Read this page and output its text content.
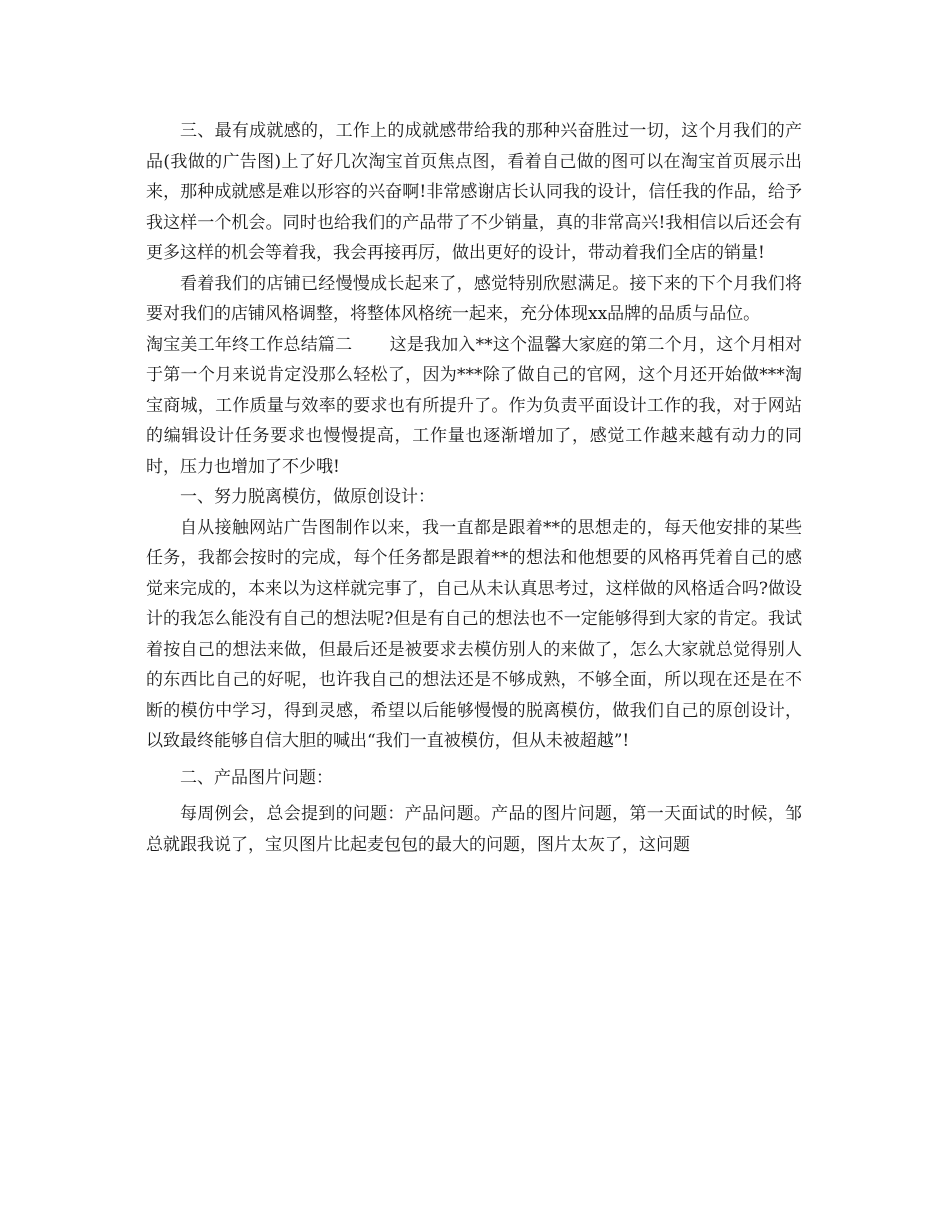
三、最有成就感的，工作上的成就感带给我的那种兴奋胜过一切，这个月我们的产品(我做的广告图)上了好几次淘宝首页焦点图，看着自己做的图可以在淘宝首页展示出来，那种成就感是难以形容的兴奋啊!非常感谢店长认同我的设计，信任我的作品，给予我这样一个机会。同时也给我们的产品带了不少销量，真的非常高兴!我相信以后还会有更多这样的机会等着我，我会再接再厉，做出更好的设计，带动着我们全店的销量!

看着我们的店铺已经慢慢成长起来了，感觉特别欣慰满足。接下来的下个月我们将要对我们的店铺风格调整，将整体风格统一起来，充分体现xx品牌的品质与品位。

淘宝美工年终工作总结篇二 这是我加入**这个温馨大家庭的第二个月，这个月相对于第一个月来说肯定没那么轻松了，因为***除了做自己的官网，这个月还开始做***淘宝商城，工作质量与效率的要求也有所提升了。作为负责平面设计工作的我，对于网站的编辑设计任务要求也慢慢提高，工作量也逐渐增加了，感觉工作越来越有动力的同时，压力也增加了不少哦!

一、努力脱离模仿，做原创设计：

自从接触网站广告图制作以来，我一直都是跟着**的思想走的，每天他安排的某些任务，我都会按时的完成，每个任务都是跟着**的想法和他想要的风格再凭着自己的感觉来完成的，本来以为这样就完事了，自己从未认真思考过，这样做的风格适合吗?做设计的我怎么能没有自己的想法呢?但是有自己的想法也不一定能够得到大家的肯定。我试着按自己的想法来做，但最后还是被要求去模仿别人的来做了，怎么大家就总觉得别人的东西比自己的好呢，也许我自己的想法还是不够成熟，不够全面，所以现在还是在不断的模仿中学习，得到灵感，希望以后能够慢慢的脱离模仿，做我们自己的原创设计，以致最终能够自信大胆的喊出“我们一直被模仿，但从未被超越”!

二、产品图片问题：

每周例会，总会提到的问题：产品问题。产品的图片问题，第一天面试的时候，邹总就跟我说了，宝贝图片比起麦包包的最大的问题，图片太灰了，这问题
